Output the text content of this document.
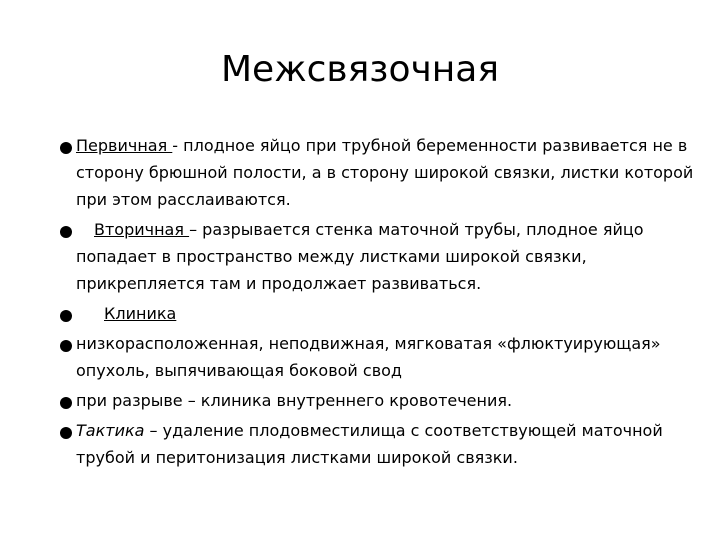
Межсвязочная
Первичная - плодное яйцо при трубной беременности развивается не в сторону брюшной полости, а в сторону широкой связки, листки которой при этом расслаиваются.
Вторичная – разрывается стенка маточной трубы, плодное яйцо попадает в пространство между листками широкой связки, прикрепляется там и продолжает развиваться.
Клиника
низкорасположенная, неподвижная, мягковатая «флюктуирующая» опухоль, выпячивающая боковой свод
при разрыве – клиника внутреннего кровотечения.
Тактика – удаление плодовместилища с соответствующей маточной трубой и перитонизация листками широкой связки.
